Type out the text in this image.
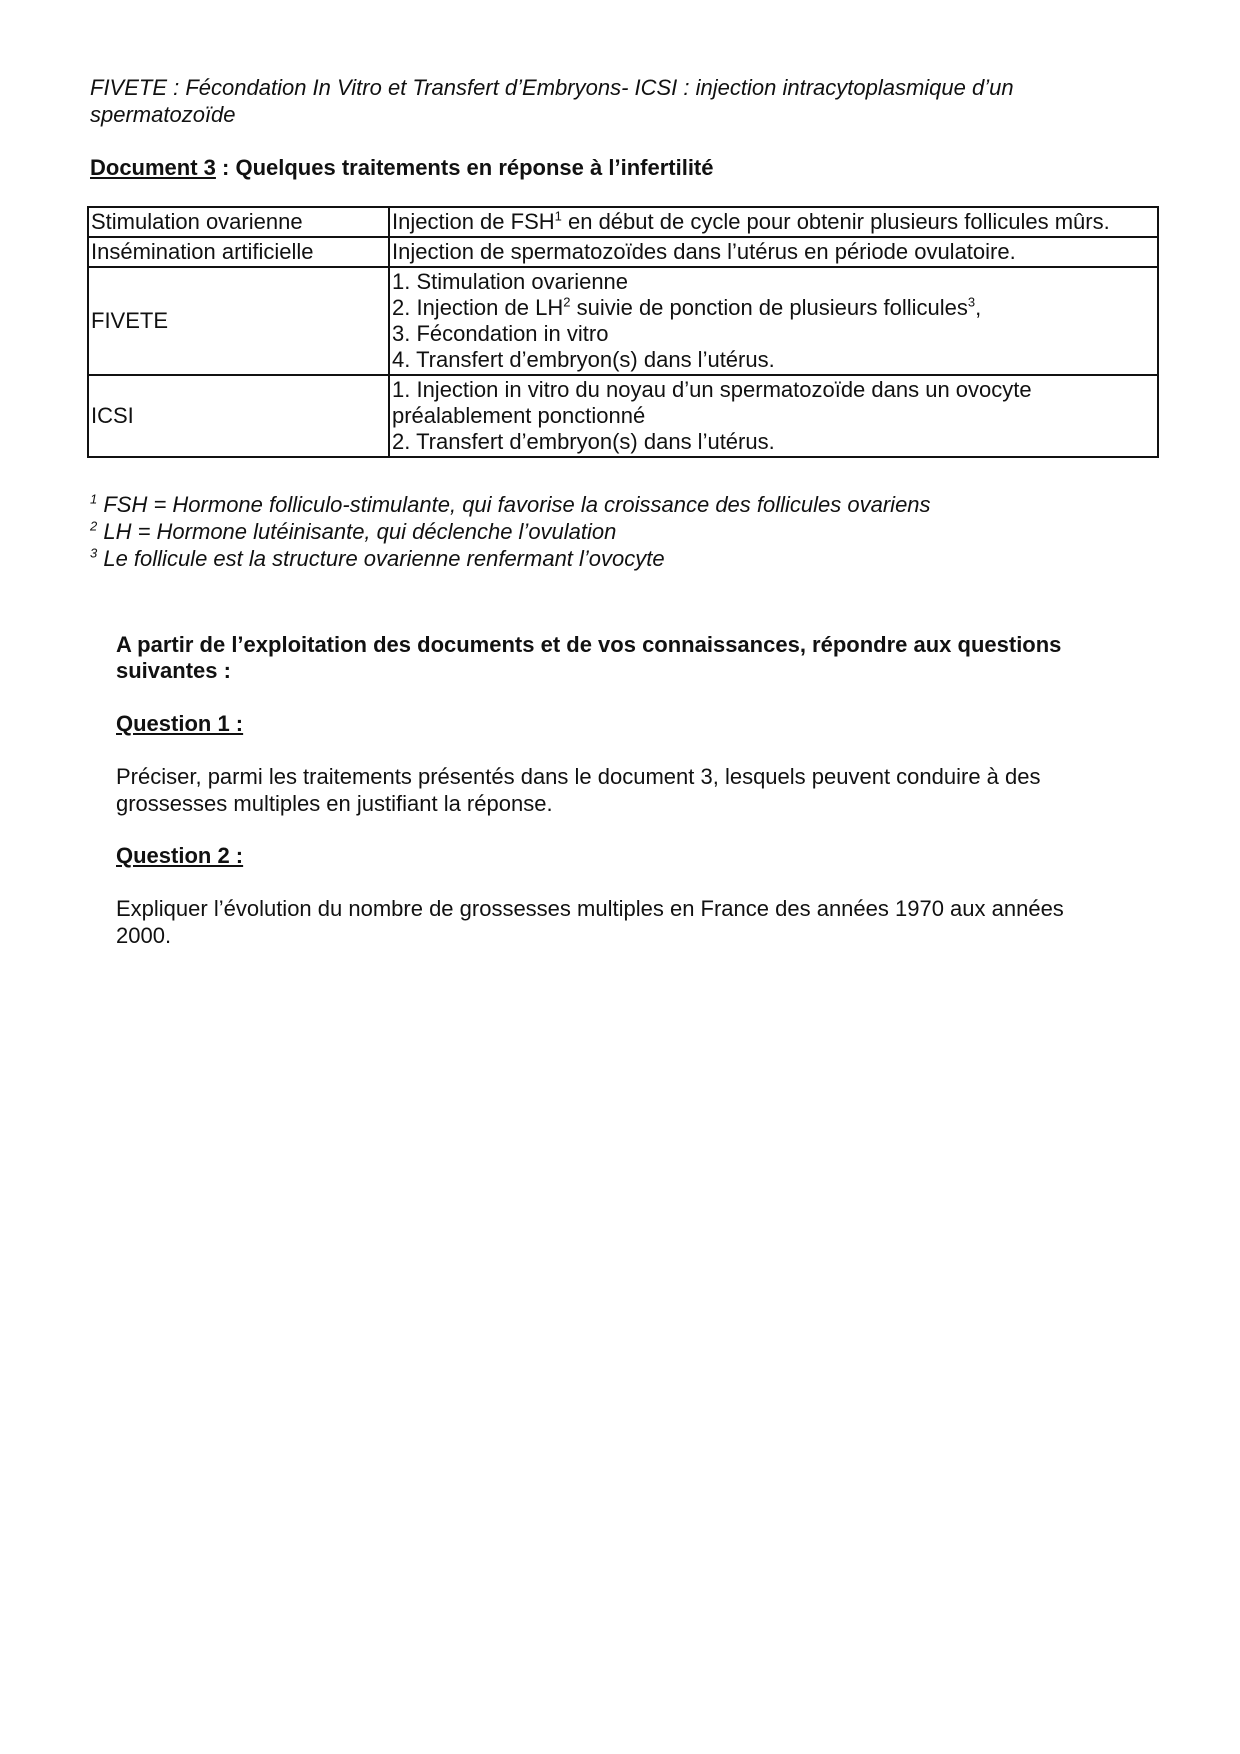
FIVETE : Fécondation In Vitro et Transfert d’Embryons- ICSI : injection intracytoplasmique d’un
spermatozoïde
Document 3 : Quelques traitements en réponse à l’infertilité
Stimulation ovarienne	Injection de FSH$^1$ en début de cycle pour obtenir plusieurs follicules mûrs.
Insémination artificielle	Injection de spermatozoïdes dans l’utérus en période ovulatoire.
FIVETE	1. Stimulation ovarienne
2. Injection de $LH^2$ suivie de ponction de plusieurs follicules$^3$,
3. Fécondation in vitro
4. Transfert d’embryon(s) dans l’utérus.

ICSI	1. Injection in vitro du noyau d’un spermatozoïde dans un ovocyte
préalablement ponctionné
2. Transfert d’embryon(s) dans l’utérus.
$^1$ FSH = Hormone folliculo-stimulante, qui favorise la croissance des follicules ovariens
$^2$ LH = Hormone lutéinisante, qui déclenche l’ovulation
$^3$ Le follicule est la structure ovarienne renfermant l’ovocyte
A partir de l’exploitation des documents et de vos connaissances, répondre aux questions
suivantes :
Question 1 :
Préciser, parmi les traitements présentés dans le document 3, lesquels peuvent conduire à des
grossesses multiples en justifiant la réponse.
Question 2 :
Expliquer l’évolution du nombre de grossesses multiples en France des années 1970 aux années
2000.
